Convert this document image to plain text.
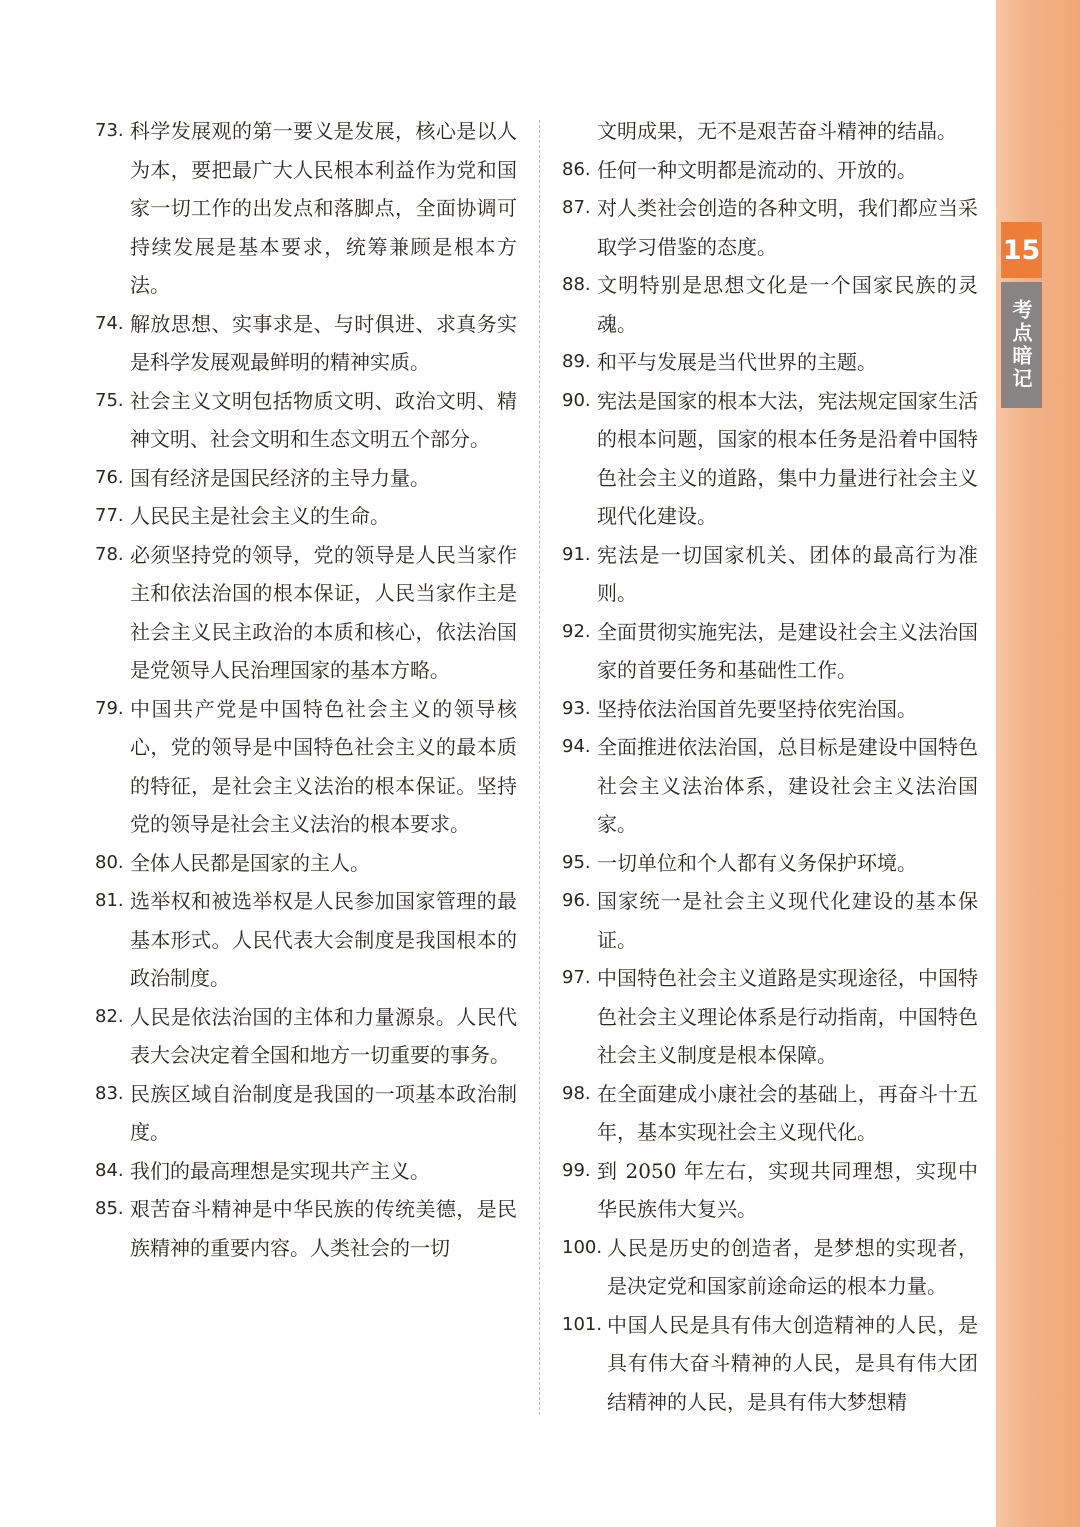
15
考点暗记
73. 科学发展观的第一要义是发展，核心是以人为本，要把最广大人民根本利益作为党和国家一切工作的出发点和落脚点，全面协调可持续发展是基本要求，统筹兼顾是根本方法。
74. 解放思想、实事求是、与时俱进、求真务实是科学发展观最鲜明的精神实质。
75. 社会主义文明包括物质文明、政治文明、精神文明、社会文明和生态文明五个部分。
76. 国有经济是国民经济的主导力量。
77. 人民民主是社会主义的生命。
78. 必须坚持党的领导，党的领导是人民当家作主和依法治国的根本保证，人民当家作主是社会主义民主政治的本质和核心，依法治国是党领导人民治理国家的基本方略。
79. 中国共产党是中国特色社会主义的领导核心，党的领导是中国特色社会主义的最本质的特征，是社会主义法治的根本保证。坚持党的领导是社会主义法治的根本要求。
80. 全体人民都是国家的主人。
81. 选举权和被选举权是人民参加国家管理的最基本形式。人民代表大会制度是我国根本的政治制度。
82. 人民是依法治国的主体和力量源泉。人民代表大会决定着全国和地方一切重要的事务。
83. 民族区域自治制度是我国的一项基本政治制度。
84. 我们的最高理想是实现共产主义。
85. 艰苦奋斗精神是中华民族的传统美德，是民族精神的重要内容。人类社会的一切
文明成果，无不是艰苦奋斗精神的结晶。
86. 任何一种文明都是流动的、开放的。
87. 对人类社会创造的各种文明，我们都应当采取学习借鉴的态度。
88. 文明特别是思想文化是一个国家民族的灵魂。
89. 和平与发展是当代世界的主题。
90. 宪法是国家的根本大法，宪法规定国家生活的根本问题，国家的根本任务是沿着中国特色社会主义的道路，集中力量进行社会主义现代化建设。
91. 宪法是一切国家机关、团体的最高行为准则。
92. 全面贯彻实施宪法，是建设社会主义法治国家的首要任务和基础性工作。
93. 坚持依法治国首先要坚持依宪治国。
94. 全面推进依法治国，总目标是建设中国特色社会主义法治体系，建设社会主义法治国家。
95. 一切单位和个人都有义务保护环境。
96. 国家统一是社会主义现代化建设的基本保证。
97. 中国特色社会主义道路是实现途径，中国特色社会主义理论体系是行动指南，中国特色社会主义制度是根本保障。
98. 在全面建成小康社会的基础上，再奋斗十五年，基本实现社会主义现代化。
99. 到 2050 年左右，实现共同理想，实现中华民族伟大复兴。
100. 人民是历史的创造者，是梦想的实现者，是决定党和国家前途命运的根本力量。
101. 中国人民是具有伟大创造精神的人民，是具有伟大奋斗精神的人民，是具有伟大团结精神的人民，是具有伟大梦想精
